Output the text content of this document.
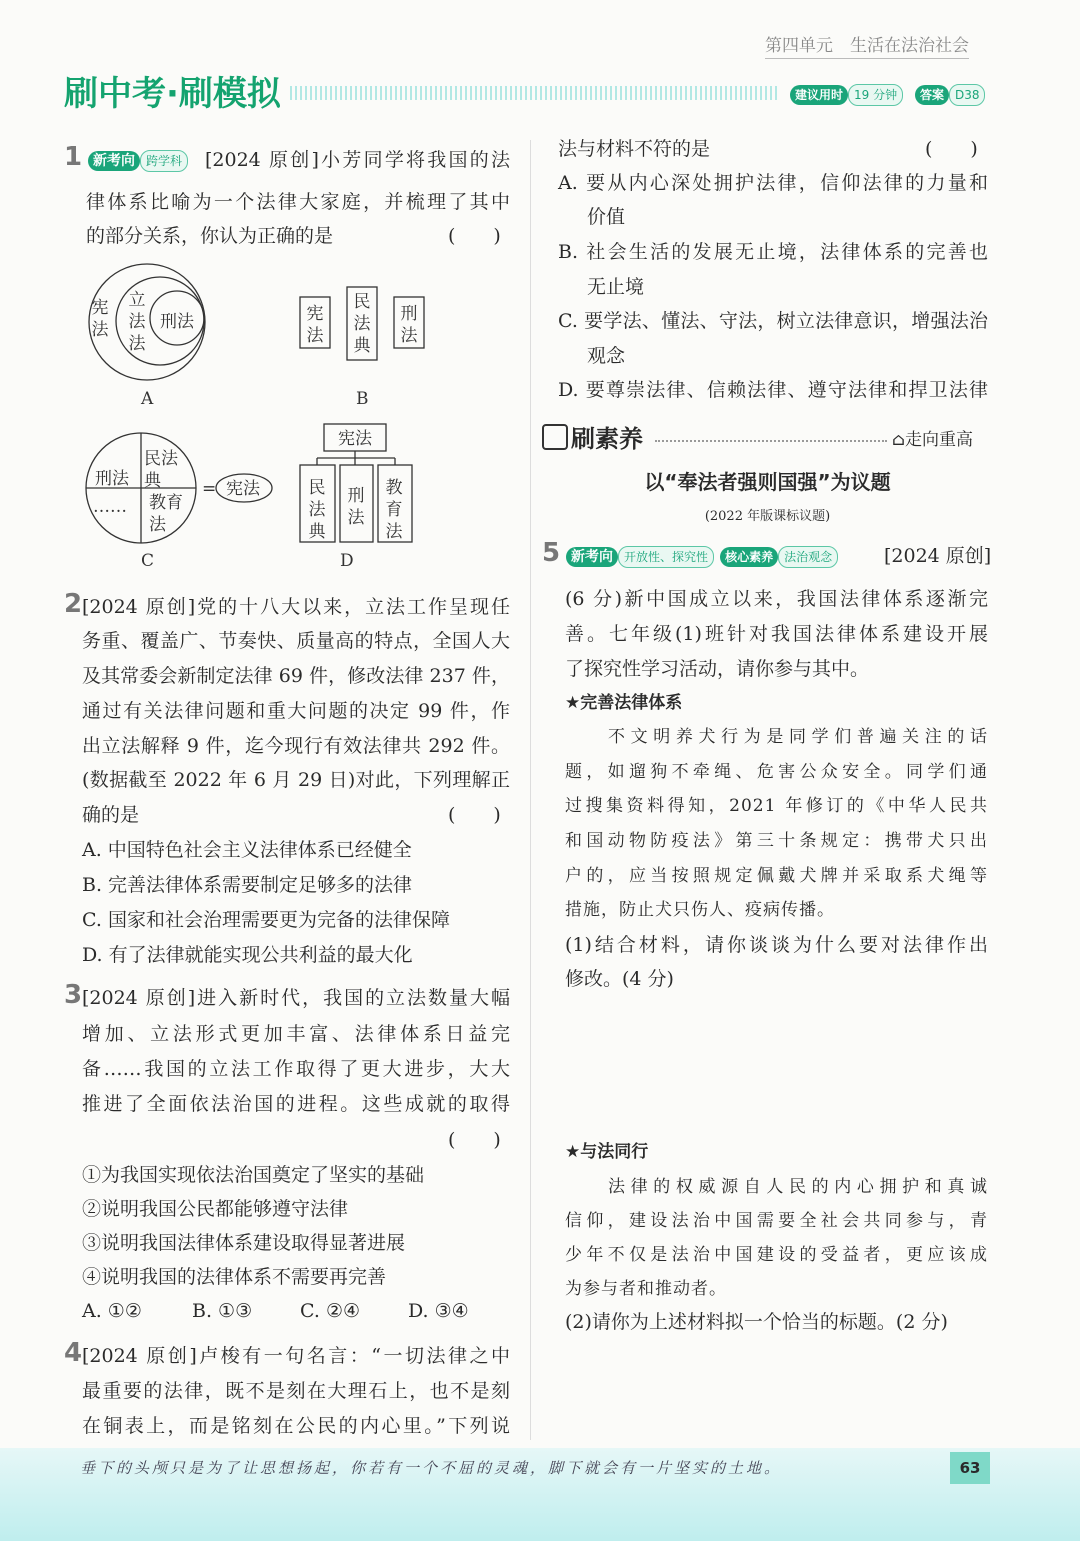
第四单元　生活在法治社会
刷中考·刷模拟	建议用时 19 分钟 答案 D38
1 新考向 跨学科	[2024 原创]小芳同学将我国的法
律体系比喻为一个法律大家庭，并梳理了其中
的部分关系，你认为正确的是	(　　)
刑法
A	B
刑法
……
= 宪法
C
宪法
D
宪法
立法法
宪法
民法典
刑法
民法典
教育法
民法典
刑法
教育法
2 [2024 原创]党的十八大以来，立法工作呈现任
务重、覆盖广、节奏快、质量高的特点，全国人大
及其常委会新制定法律 69 件，修改法律 237 件，
通过有关法律问题和重大问题的决定 99 件，作
出立法解释 9 件，迄今现行有效法律共 292 件。
(数据截至 2022 年 6 月 29 日)对此，下列理解正
确的是	(　　)
A. 中国特色社会主义法律体系已经健全
B. 完善法律体系需要制定足够多的法律
C. 国家和社会治理需要更为完备的法律保障
D. 有了法律就能实现公共利益的最大化
3 [2024 原创]进入新时代，我国的立法数量大幅
增加、立法形式更加丰富、法律体系日益完
备……我国的立法工作取得了更大进步，大大
推进了全面依法治国的进程。这些成就的取得
(　　)
①为我国实现依法治国奠定了坚实的基础
②说明我国公民都能够遵守法律
③说明我国法律体系建设取得显著进展
④说明我国的法律体系不需要再完善
A. ①②	B. ①③	C. ②④	D. ③④
4 [2024 原创]卢梭有一句名言：“一切法律之中
最重要的法律，既不是刻在大理石上，也不是刻
在铜表上，而是铭刻在公民的内心里。”下列说
法与材料不符的是	(　　)
A. 要从内心深处拥护法律，信仰法律的力量和
价值
B. 社会生活的发展无止境，法律体系的完善也
无止境
C. 要学法、懂法、守法，树立法律意识，增强法治
观念
D. 要尊崇法律、信赖法律、遵守法律和捍卫法律
刷素养	⌂走向重高
以“奉法者强则国强”为议题
(2022 年版课标议题)
5 新考向 开放性、探究性 核心素养 法治观念	[2024 原创]
(6 分)新中国成立以来，我国法律体系逐渐完
善。七年级(1)班针对我国法律体系建设开展
了探究性学习活动，请你参与其中。
★完善法律体系
不文明养犬行为是同学们普遍关注的话
题，如遛狗不牵绳、危害公众安全。同学们通
过搜集资料得知，2021 年修订的《中华人民共
和国动物防疫法》第三十条规定：携带犬只出
户的，应当按照规定佩戴犬牌并采取系犬绳等
措施，防止犬只伤人、疫病传播。
(1)结合材料，请你谈谈为什么要对法律作出
修改。(4 分)
★与法同行
法律的权威源自人民的内心拥护和真诚
信仰，建设法治中国需要全社会共同参与，青
少年不仅是法治中国建设的受益者，更应该成
为参与者和推动者。
(2)请你为上述材料拟一个恰当的标题。(2 分)
垂下的头颅只是为了让思想扬起，你若有一个不屈的灵魂，脚下就会有一片坚实的土地。	63
